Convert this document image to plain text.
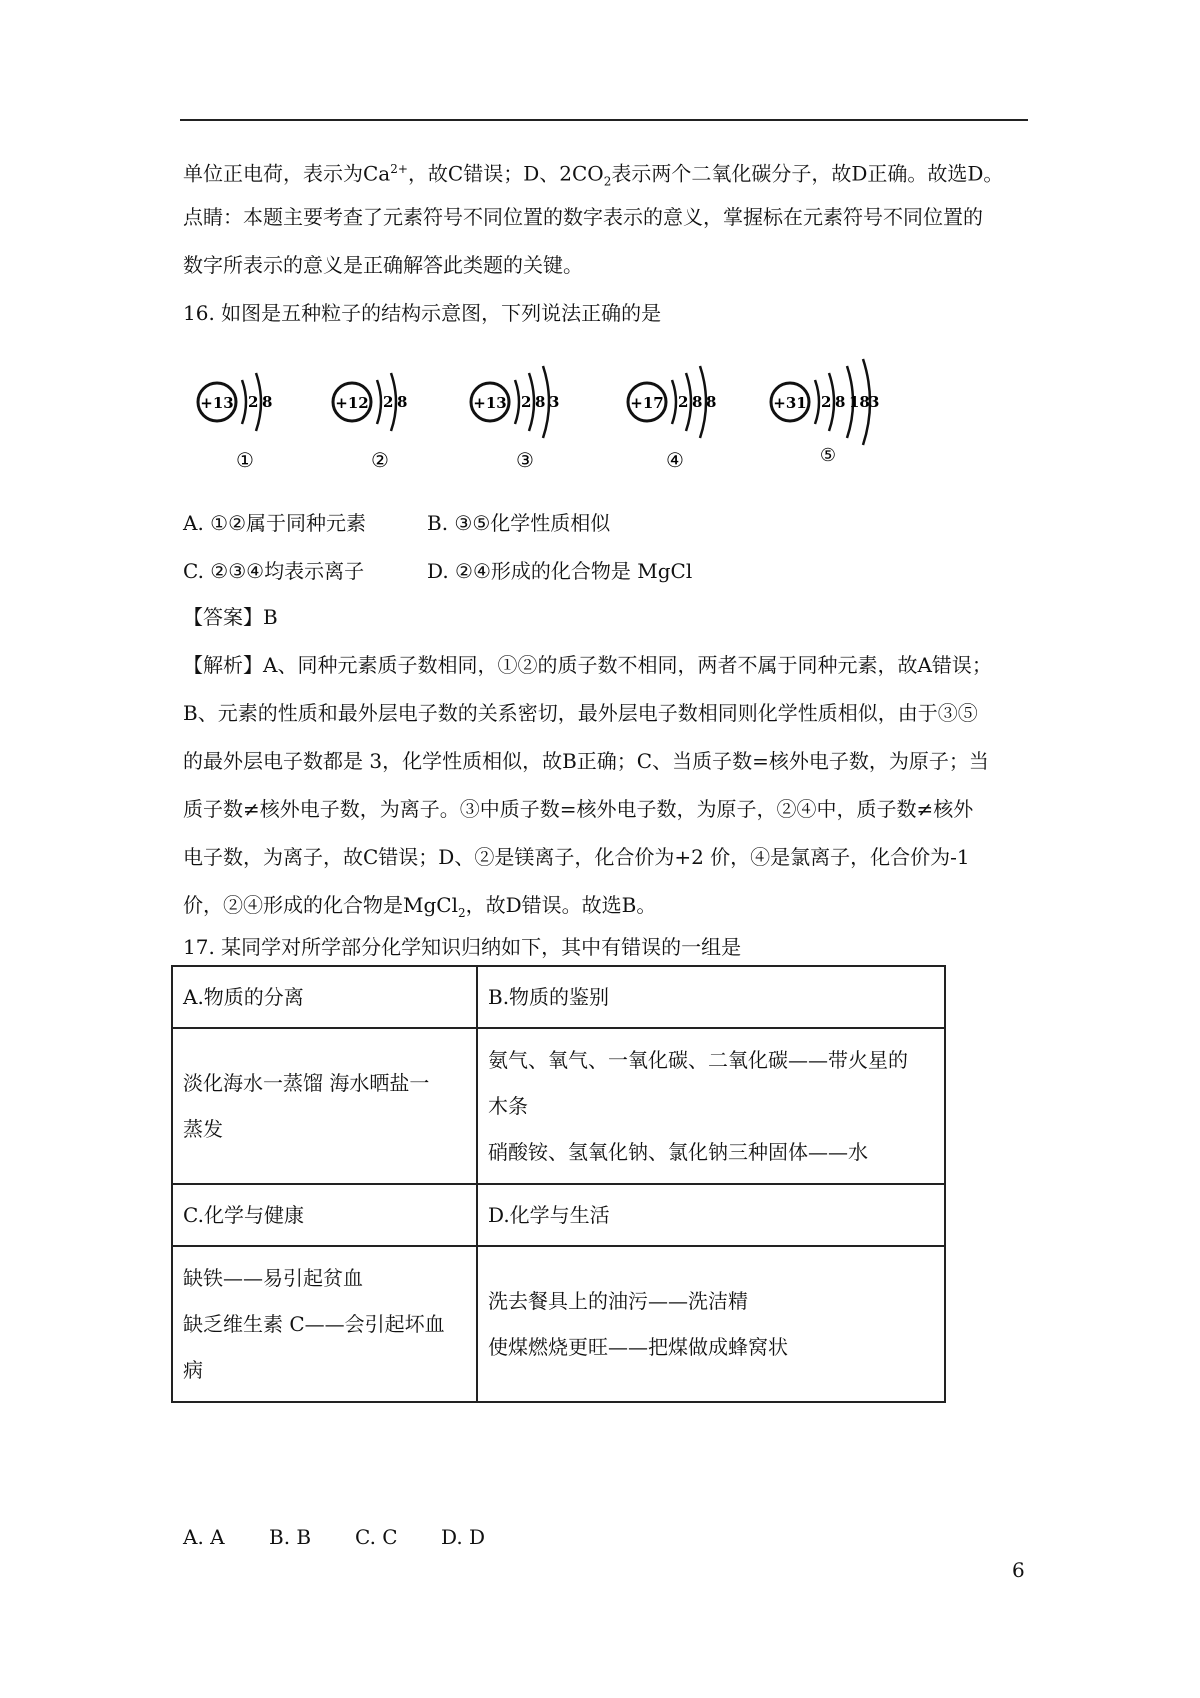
单位正电荷，表示为$Ca^{2+}$，故C错误；D、$2CO_2$表示两个二氧化碳分子，故D正确。故选D。
点睛：本题主要考查了元素符号不同位置的数字表示的意义，掌握标在元素符号不同位置的
数字所表示的意义是正确解答此类题的关键。
16. 如图是五种粒子的结构示意图，下列说法正确的是
+13 2 8
①
+12 2 8
②
+13 2 8 3
③
+17 2 8 8
④
+31 2 8 18 3
⑤
A. ①②属于同种元素	B. ③⑤化学性质相似
C. ②③④均表示离子	D. ②④形成的化合物是 MgCl
【答案】B
【解析】A、同种元素质子数相同，①②的质子数不相同，两者不属于同种元素，故A错误；
B、元素的性质和最外层电子数的关系密切，最外层电子数相同则化学性质相似，由于③⑤
的最外层电子数都是 3，化学性质相似，故B正确；C、当质子数=核外电子数，为原子；当
质子数≠核外电子数，为离子。③中质子数=核外电子数，为原子，②④中，质子数≠核外
电子数，为离子，故C错误；D、②是镁离子，化合价为+2 价，④是氯离子，化合价为-1
价，②④形成的化合物是MgCl$_2$，故D错误。故选B。
17. 某同学对所学部分化学知识归纳如下，其中有错误的一组是
A.物质的分离	B.物质的鉴别

淡化海水一蒸馏 海水晒盐一
蒸发	氨气、氧气、一氧化碳、二氧化碳——带火星的
木条
硝酸铵、氢氧化钠、氯化钠三种固体——水

C.化学与健康	D.化学与生活

缺铁——易引起贫血
缺乏维生素 C——会引起坏血
病	洗去餐具上的油污——洗洁精
使煤燃烧更旺——把煤做成蜂窝状
A. A B. B C. C D. D
6
